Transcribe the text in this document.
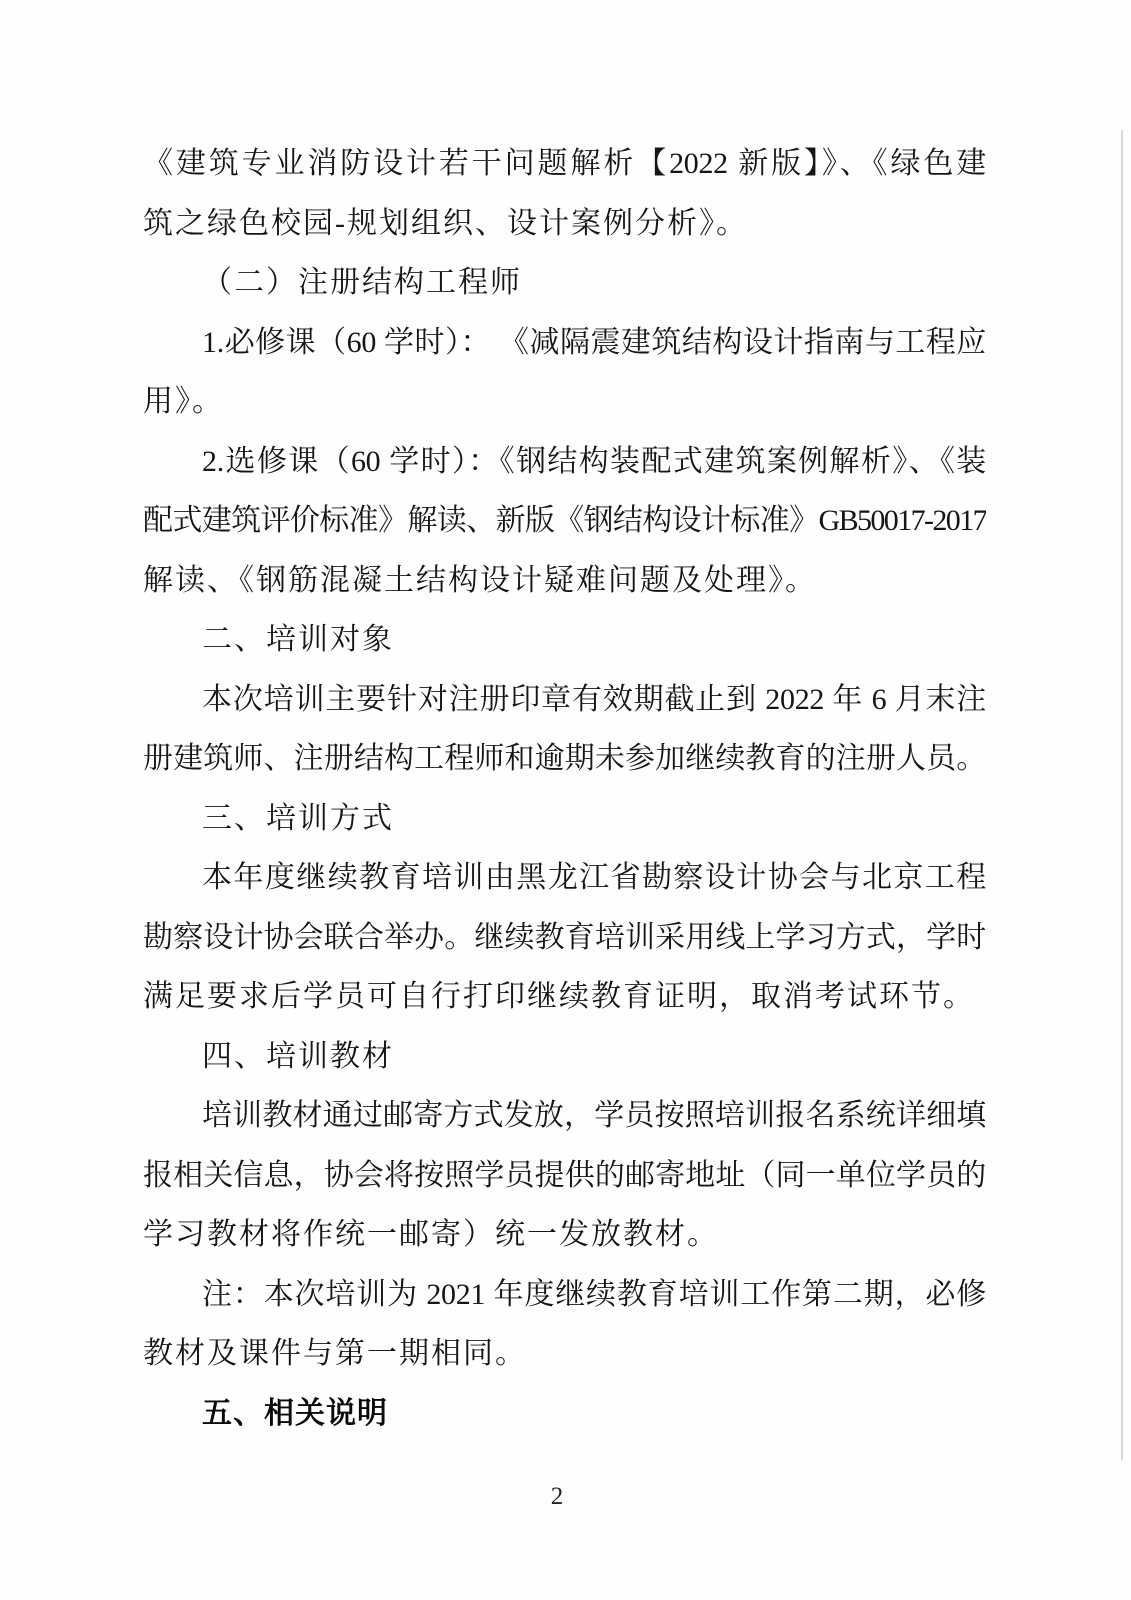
《建筑专业消防设计若干问题解析【2022 新版】》、《绿色建
筑之绿色校园-规划组织、设计案例分析》。
（二）注册结构工程师
1.必修课（60 学时）： 《减隔震建筑结构设计指南与工程应
用》。
2.选修课（60 学时）：《钢结构装配式建筑案例解析》、《装
配式建筑评价标准》解读、新版《钢结构设计标准》GB50017-2017
解读、《钢筋混凝土结构设计疑难问题及处理》。
二、培训对象
本次培训主要针对注册印章有效期截止到 2022 年 6 月末注
册建筑师、注册结构工程师和逾期未参加继续教育的注册人员。
三、培训方式
本年度继续教育培训由黑龙江省勘察设计协会与北京工程
勘察设计协会联合举办。继续教育培训采用线上学习方式，学时
满足要求后学员可自行打印继续教育证明，取消考试环节。
四、培训教材
培训教材通过邮寄方式发放，学员按照培训报名系统详细填
报相关信息，协会将按照学员提供的邮寄地址（同一单位学员的
学习教材将作统一邮寄）统一发放教材。
注：本次培训为 2021 年度继续教育培训工作第二期，必修
教材及课件与第一期相同。
五、相关说明
2
